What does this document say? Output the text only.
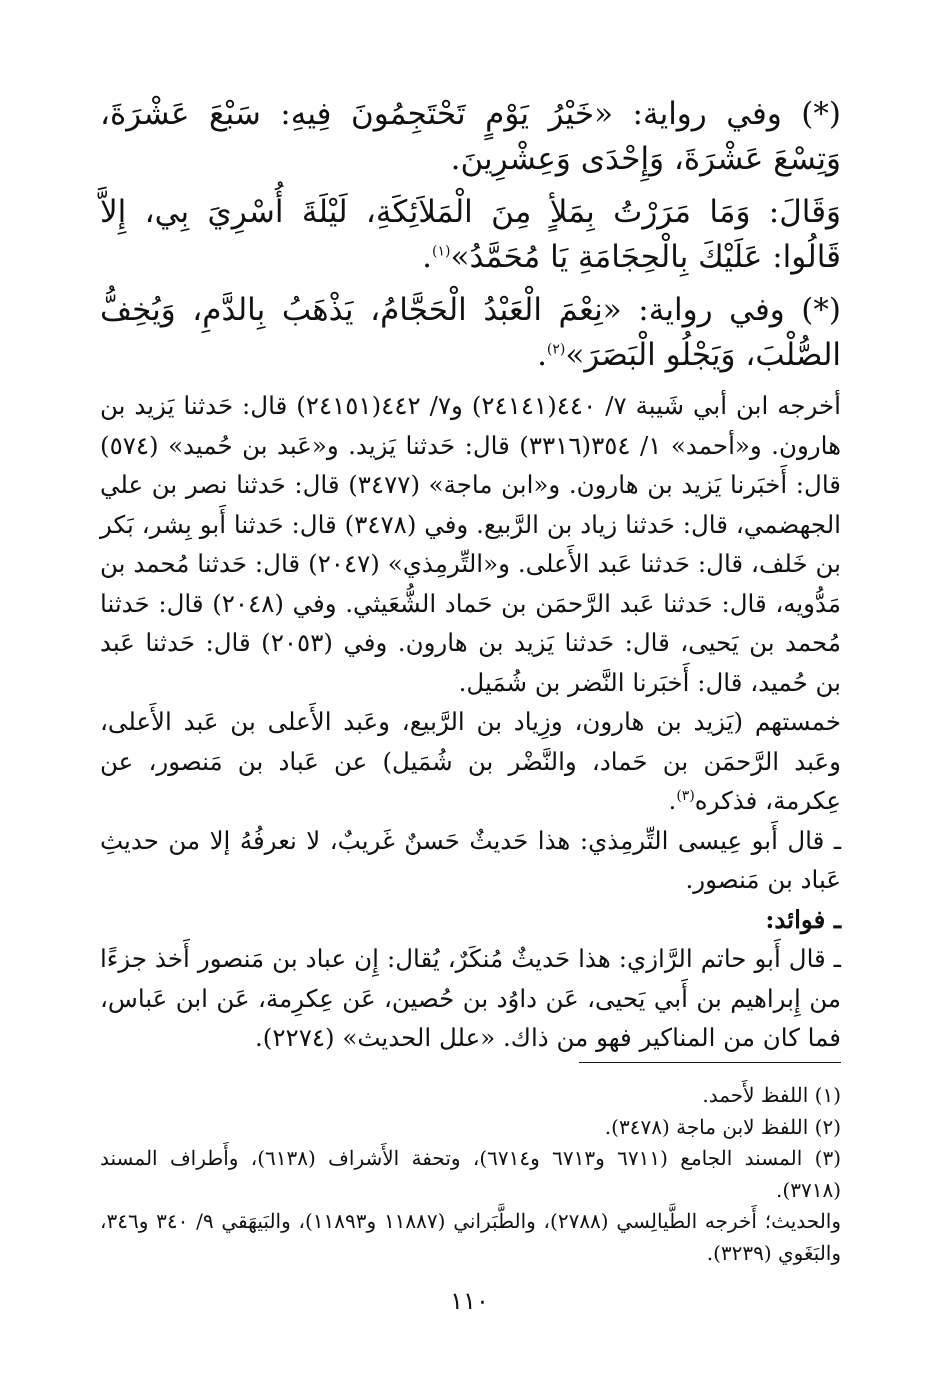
(*) وفي رواية: «خَيْرُ يَوْمٍ تَحْتَجِمُونَ فِيهِ: سَبْعَ عَشْرَةَ، وَتِسْعَ عَشْرَةَ، وَإِحْدَى وَعِشْرِينَ.

وَقَالَ: وَمَا مَرَرْتُ بِمَلأٍ مِنَ الْمَلاَئِكَةِ، لَيْلَةَ أُسْرِيَ بِي، إِلاَّ قَالُوا: عَلَيْكَ بِالْحِجَامَةِ يَا مُحَمَّدُ»$^{(١)}$.

(*) وفي رواية: «نِعْمَ الْعَبْدُ الْحَجَّامُ، يَذْهَبُ بِالدَّمِ، وَيُخِفُّ الصُّلْبَ، وَيَجْلُو الْبَصَرَ»$^{(٢)}$.

أخرجه ابن أبي شَيبة ٧/ ٤٤٠(٢٤١٤١) و٧/ ٤٤٢(٢٤١٥١) قال: حَدثنا يَزيد بن هارون. و«أحمد» ١/ ٣٥٤(٣٣١٦) قال: حَدثنا يَزيد. و«عَبد بن حُميد» (٥٧٤) قال: أَخبَرنا يَزيد بن هارون. و«ابن ماجة» (٣٤٧٧) قال: حَدثنا نصر بن علي الجهضمي، قال: حَدثنا زياد بن الرَّبيع. وفي (٣٤٧٨) قال: حَدثنا أَبو بِشر، بَكر بن خَلف، قال: حَدثنا عَبد الأَعلى. و«التِّرمِذي» (٢٠٤٧) قال: حَدثنا مُحمد بن مَدُّويه، قال: حَدثنا عَبد الرَّحمَن بن حَماد الشُّعَيثي. وفي (٢٠٤٨) قال: حَدثنا مُحمد بن يَحيى، قال: حَدثنا يَزيد بن هارون. وفي (٢٠٥٣) قال: حَدثنا عَبد بن حُميد، قال: أَخبَرنا النَّضر بن شُمَيل.

خمستهم (يَزيد بن هارون، وزِياد بن الرَّبيع، وعَبد الأَعلى بن عَبد الأَعلى، وعَبد الرَّحمَن بن حَماد، والنَّضْر بن شُمَيل) عن عَباد بن مَنصور، عن عِكرمة، فذكره$^{(٣)}$.

ـ قال أَبو عِيسى التِّرمِذي: هذا حَديثٌ حَسنٌ غَريبٌ، لا نعرفُهُ إلا من حديثِ عَباد بن مَنصور.

ـ فوائد:

ـ قال أَبو حاتم الرَّازي: هذا حَديثٌ مُنكَرٌ، يُقال: إِن عباد بن مَنصور أَخذ جزءًا من إِبراهيم بن أَبي يَحيى، عَن داوُد بن حُصين، عَن عِكرِمة، عَن ابن عَباس، فما كان من المناكير فهو من ذاك. «علل الحديث» (٢٢٧٤).

(١) اللفظ لأَحمد.

(٢) اللفظ لابن ماجة (٣٤٧٨).

(٣) المسند الجامع (٦٧١١ و٦٧١٣ و٦٧١٤)، وتحفة الأَشراف (٦١٣٨)، وأَطراف المسند (٣٧١٨).

والحديث؛ أَخرجه الطَّيالِسي (٢٧٨٨)، والطَّبَراني (١١٨٨٧ و١١٨٩٣)، والبَيهَقي ٩/ ٣٤٠ و٣٤٦، والبَغَوي (٣٢٣٩).

١١٠
